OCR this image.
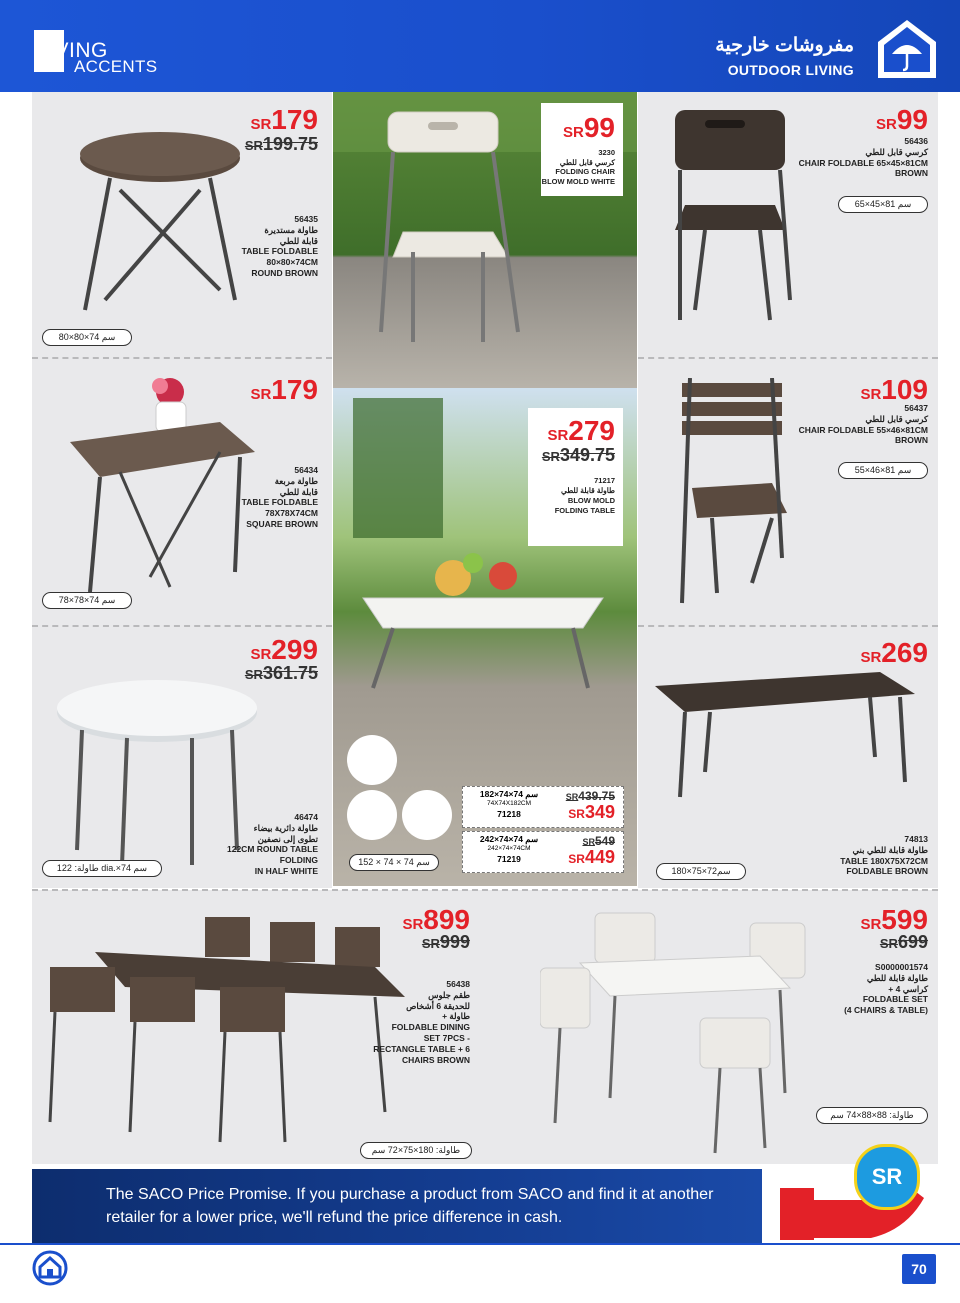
LIVING
ACCENTS
مفروشات خارجية
OUTDOOR LIVING
SR179
SR199.75
56435
طاولة مستديرة
قابلة للطي
TABLE FOLDABLE
80×80×74CM
ROUND BROWN
80×80×74 سم
SR99
3230
كرسي قابل للطي
FOLDING CHAIR
BLOW MOLD WHITE
SR99
56436
كرسي قابل للطي
CHAIR FOLDABLE 65×45×81CM
BROWN
65×45×81 سم
SR179
56434
طاولة مربعة
قابلة للطي
TABLE FOLDABLE
78X78X74CM
SQUARE BROWN
78×78×74 سم
SR279
SR349.75
71217
طاولة قابلة للطي
BLOW MOLD
FOLDING TABLE
152 × 74 × 74 سم
182×74×74 سم
74X74X182CM
71218
SR439.75
SR349
242×74×74 سم
242×74×74CM
71219
SR549
SR449
SR109
56437
كرسي قابل للطي
CHAIR FOLDABLE 55×46×81CM
BROWN
55×46×81 سم
SR299
SR361.75
46474
طاولة دائرية بيضاء
تطوى إلى نصفين
122CM ROUND TABLE
FOLDING
IN HALF WHITE
طاولة: 122 dia.×74 سم
SR269
74813
طاولة قابلة للطي بني
TABLE 180X75X72CM
FOLDABLE BROWN
180×75×72سم
SR899
SR999
56438
طقم جلوس
للحديقة 6 أشخاص
+ طاولة
FOLDABLE DINING
SET 7PCS -
RECTANGLE TABLE + 6
CHAIRS BROWN
طاولة: 180×75×72 سم
SR599
SR699
S0000001574
طاولة قابلة للطي
+ 4 كراسي
FOLDABLE SET
(4 CHAIRS & TABLE)
طاولة: 88×88×74 سم
The SACO Price Promise. If you purchase a product from SACO and find it at another retailer for a lower price, we'll refund the price difference in cash.
SR
70
